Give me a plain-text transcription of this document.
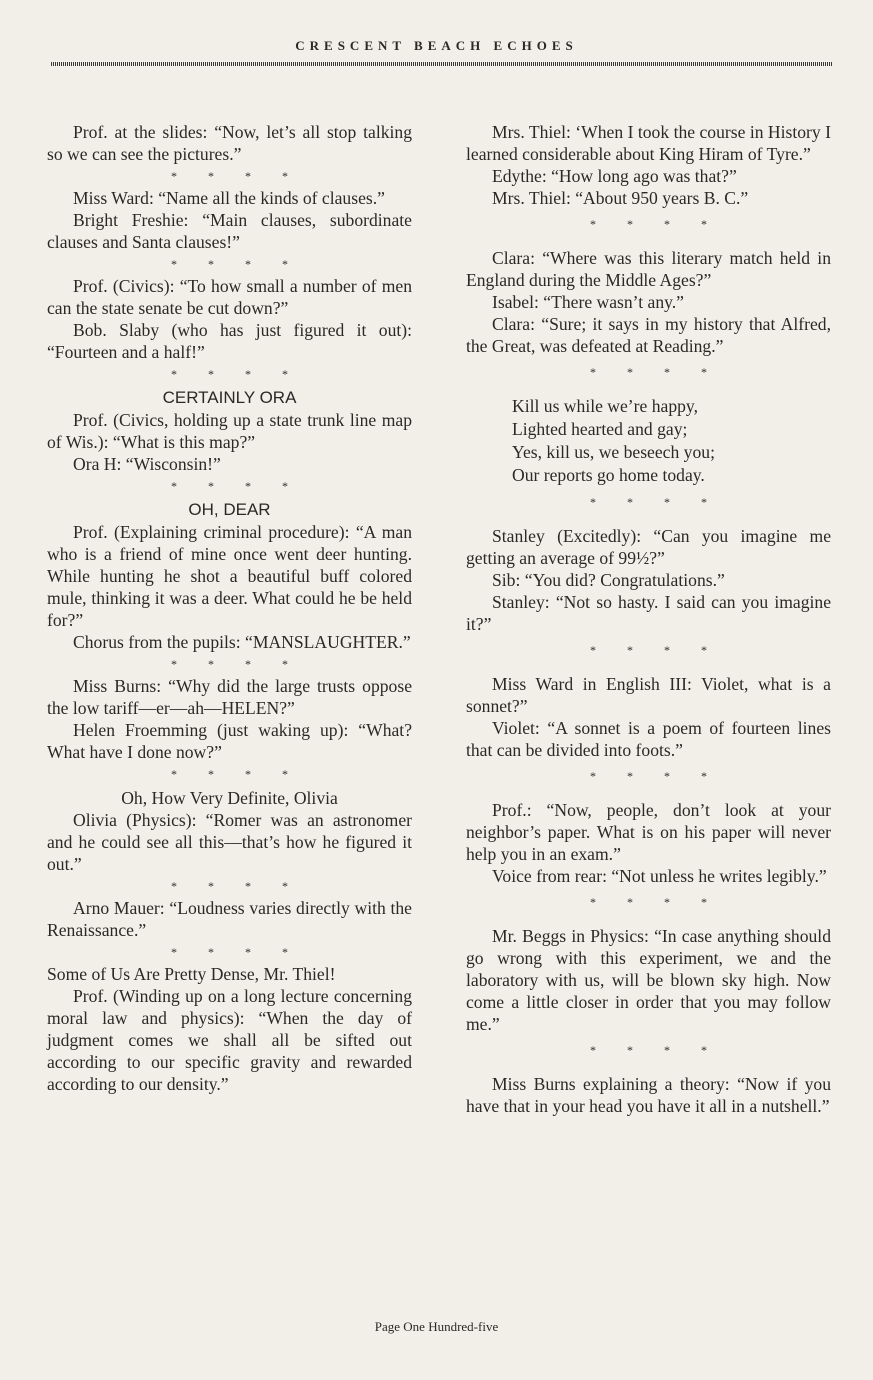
CRESCENT BEACH ECHOES

Prof. at the slides: “Now, let’s all stop talking so we can see the pictures.”

* * * *

Miss Ward: “Name all the kinds of clauses.”

Bright Freshie: “Main clauses, subordinate clauses and Santa clauses!”

* * * *

Prof. (Civics): “To how small a number of men can the state senate be cut down?”

Bob. Slaby (who has just figured it out): “Fourteen and a half!”

* * * *

CERTAINLY ORA

Prof. (Civics, holding up a state trunk line map of Wis.): “What is this map?”

Ora H: “Wisconsin!”

* * * *

OH, DEAR

Prof. (Explaining criminal procedure): “A man who is a friend of mine once went deer hunting. While hunting he shot a beautiful buff colored mule, thinking it was a deer. What could he be held for?”

Chorus from the pupils: “MANSLAUGHTER.”

* * * *

Miss Burns: “Why did the large trusts oppose the low tariff—er—ah—HELEN?”

Helen Froemming (just waking up): “What? What have I done now?”

* * * *

Oh, How Very Definite, Olivia

Olivia (Physics): “Romer was an astronomer and he could see all this—that’s how he figured it out.”

* * * *

Arno Mauer: “Loudness varies directly with the Renaissance.”

* * * *

Some of Us Are Pretty Dense, Mr. Thiel!

Prof. (Winding up on a long lecture concerning moral law and physics): “When the day of judgment comes we shall all be sifted out according to our specific gravity and rewarded according to our density.”

Mrs. Thiel: ‘When I took the course in History I learned considerable about King Hiram of Tyre.”

Edythe: “How long ago was that?”

Mrs. Thiel: “About 950 years B. C.”

* * * *

Clara: “Where was this literary match held in England during the Middle Ages?”

Isabel: “There wasn’t any.”

Clara: “Sure; it says in my history that Alfred, the Great, was defeated at Reading.”

* * * *

Kill us while we’re happy,
Lighted hearted and gay;
Yes, kill us, we beseech you;
Our reports go home today.

* * * *

Stanley (Excitedly): “Can you imagine me getting an average of 99½?”

Sib: “You did? Congratulations.”

Stanley: “Not so hasty. I said can you imagine it?”

* * * *

Miss Ward in English III: Violet, what is a sonnet?”

Violet: “A sonnet is a poem of fourteen lines that can be divided into foots.”

* * * *

Prof.: “Now, people, don’t look at your neighbor’s paper. What is on his paper will never help you in an exam.”

Voice from rear: “Not unless he writes legibly.”

* * * *

Mr. Beggs in Physics: “In case anything should go wrong with this experiment, we and the laboratory with us, will be blown sky high. Now come a little closer in order that you may follow me.”

* * * *

Miss Burns explaining a theory: “Now if you have that in your head you have it all in a nutshell.”

Page One Hundred-five
